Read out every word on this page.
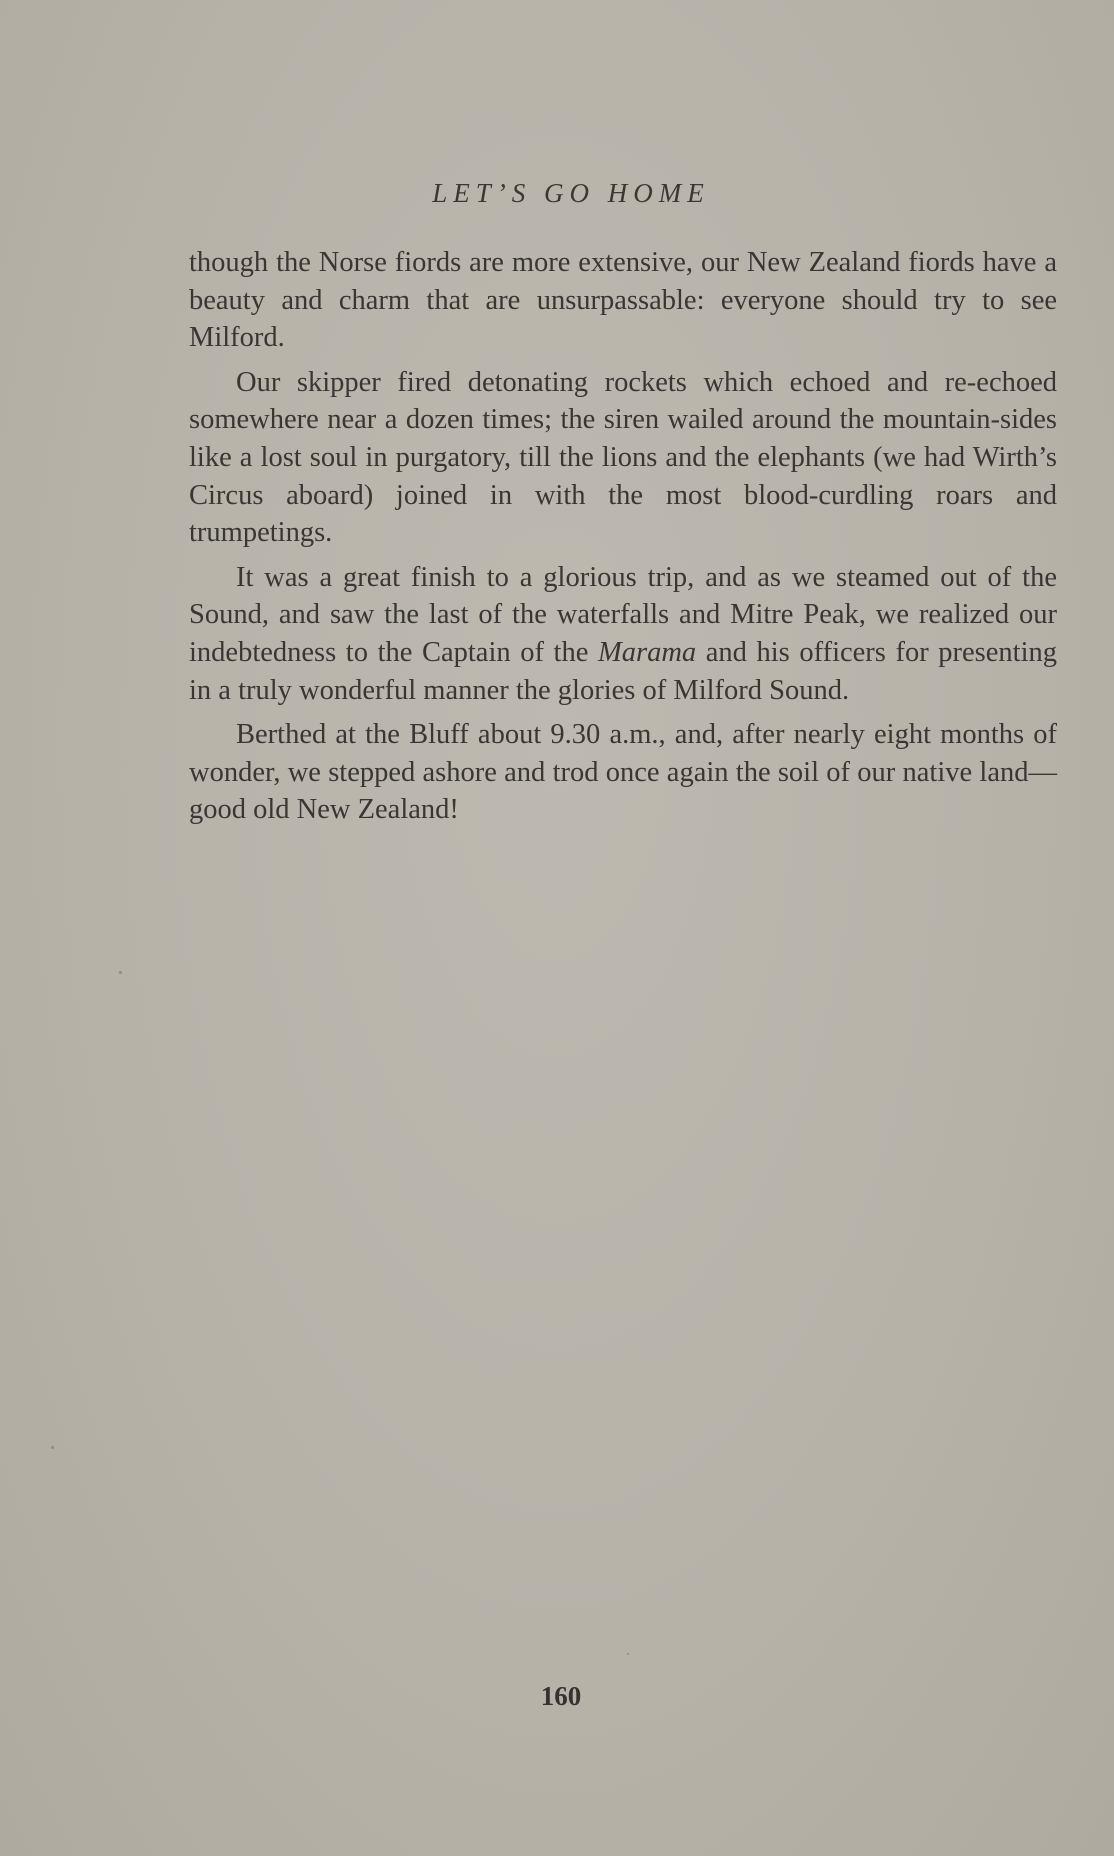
LET’S GO HOME

though the Norse fiords are more extensive, our New Zealand fiords have a beauty and charm that are unsurpassable: everyone should try to see Milford.

Our skipper fired detonating rockets which echoed and re-echoed somewhere near a dozen times; the siren wailed around the mountain-sides like a lost soul in purgatory, till the lions and the elephants (we had Wirth’s Circus aboard) joined in with the most blood-curdling roars and trumpetings.

It was a great finish to a glorious trip, and as we steamed out of the Sound, and saw the last of the waterfalls and Mitre Peak, we realized our indebtedness to the Captain of the Marama and his officers for presenting in a truly wonderful manner the glories of Milford Sound.

Berthed at the Bluff about 9.30 a.m., and, after nearly eight months of wonder, we stepped ashore and trod once again the soil of our native land—good old New Zealand!

160
